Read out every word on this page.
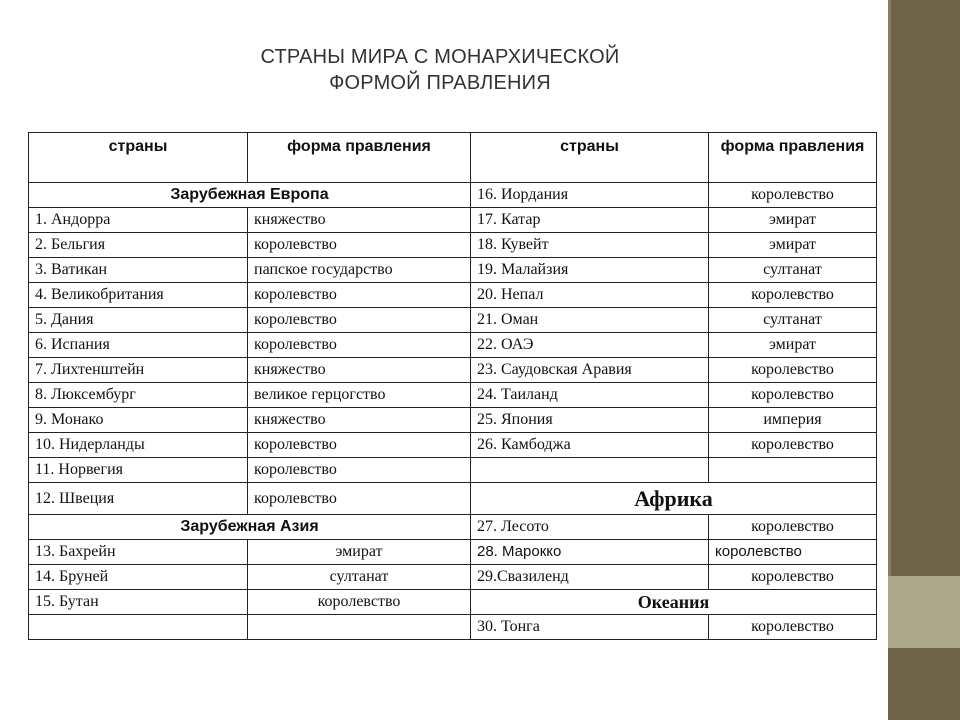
СТРАНЫ МИРА С МОНАРХИЧЕСКОЙ
ФОРМОЙ ПРАВЛЕНИЯ
страны	форма правления	страны	форма правления
Зарубежная Европа		16. Иордания	королевство
1. Андорра	княжество	17. Катар	эмират
2. Бельгия	королевство	18. Кувейт	эмират
3. Ватикан	папское государство	19. Малайзия	султанат
4. Великобритания	королевство	20. Непал	королевство
5. Дания	королевство	21. Оман	султанат
6. Испания	королевство	22. ОАЭ	эмират
7. Лихтенштейн	княжество	23. Саудовская Аравия	королевство
8. Люксембург	великое герцогство	24. Таиланд	королевство
9. Монако	княжество	25. Япония	империя
10. Нидерланды	королевство	26. Камбоджа	королевство
11. Норвегия	королевство		
12. Швеция	королевство	Африка	
Зарубежная Азия		27. Лесото	королевство
13. Бахрейн	эмират	28. Марокко	королевство
14. Бруней	султанат	29.Свазиленд	королевство
15. Бутан	королевство	Океания	
		30. Тонга	королевство
